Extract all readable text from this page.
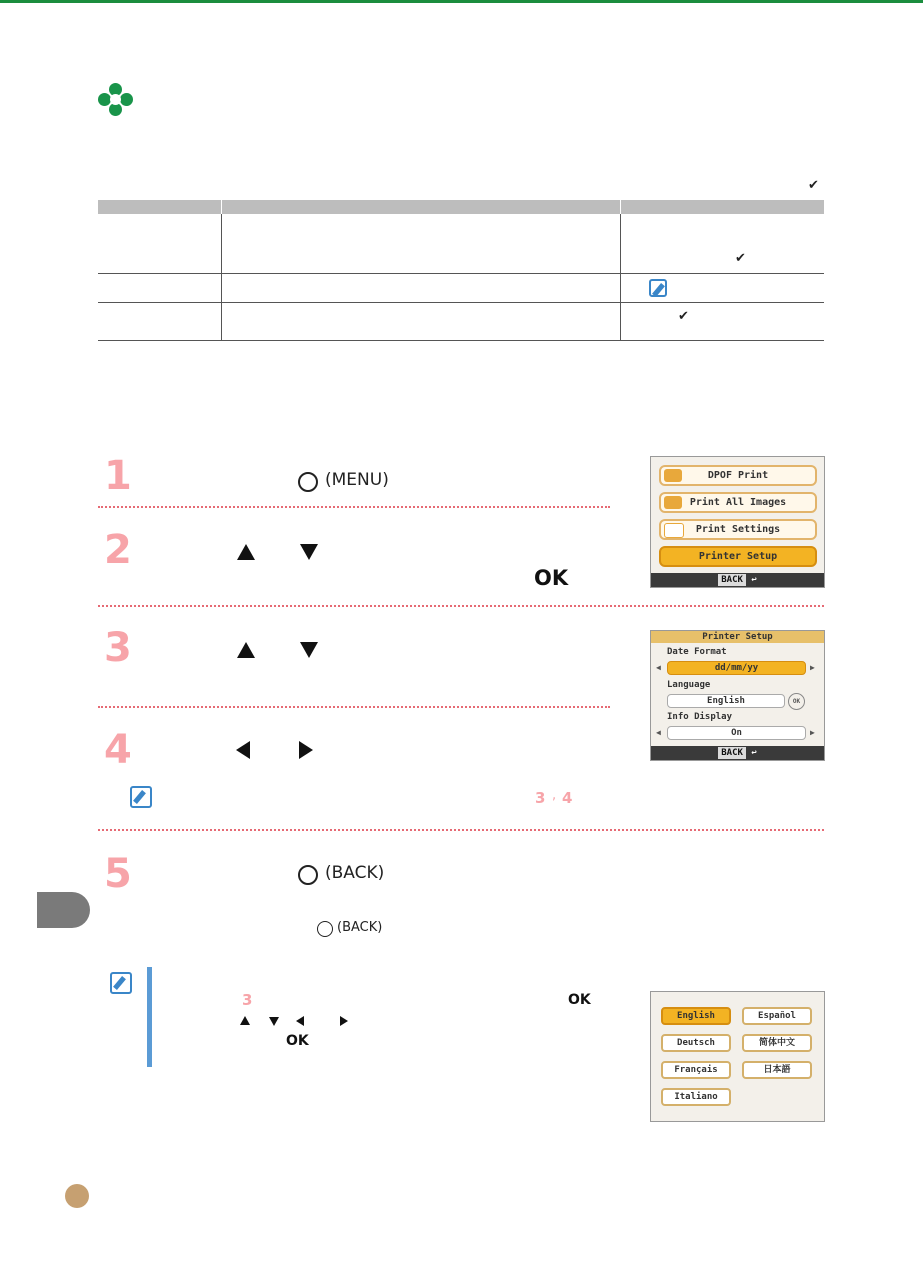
✔

		✔

		✔
1	(MENU)
2
OK
3
4
3 , 4
5	(BACK)
(BACK)
3	OK
OK
DPOF Print
Print All Images
Print Settings
Printer Setup
BACK ↩
Printer Setup
Date Format
◀	dd/mm/yy	▶
Language
English	OK
Info Display
◀	On	▶
BACK ↩
English	Español
Deutsch	简体中文
Français	日本語
Italiano
